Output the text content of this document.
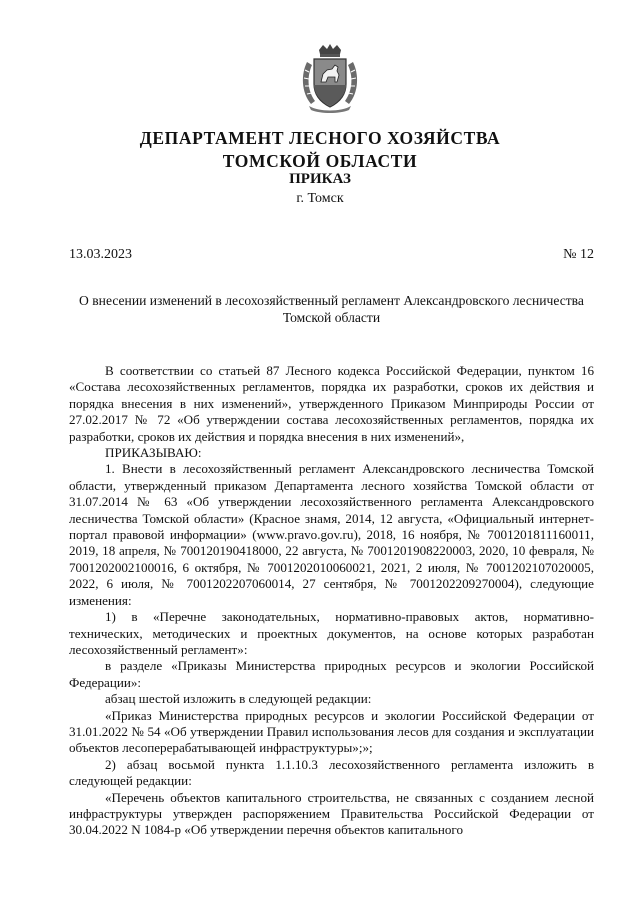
ДЕПАРТАМЕНТ ЛЕСНОГО ХОЗЯЙСТВА
ТОМСКОЙ ОБЛАСТИ
ПРИКАЗ
г. Томск
13.03.2023	№ 12
О внесении изменений в лесохозяйственный регламент Александровского лесничества Томской области

В соответствии со статьей 87 Лесного кодекса Российской Федерации, пунктом 16 «Состава лесохозяйственных регламентов, порядка их разработки, сроков их действия и порядка внесения в них изменений», утвержденного Приказом Минприроды России от 27.02.2017 № 72 «Об утверждении состава лесохозяйственных регламентов, порядка их разработки, сроков их действия и порядка внесения в них изменений»,

ПРИКАЗЫВАЮ:

1. Внести в лесохозяйственный регламент Александровского лесничества Томской области, утвержденный приказом Департамента лесного хозяйства Томской области от 31.07.2014 № 63 «Об утверждении лесохозяйственного регламента Александровского лесничества Томской области» (Красное знамя, 2014, 12 августа, «Официальный интернет-портал правовой информации» (www.pravo.gov.ru), 2018, 16 ноября, № 7001201811160011, 2019, 18 апреля, № 700120190418000, 22 августа, № 7001201908220003, 2020, 10 февраля, № 7001202002100016, 6 октября, № 7001202010060021, 2021, 2 июля, № 7001202107020005, 2022, 6 июля, № 7001202207060014, 27 сентября, № 7001202209270004), следующие изменения:

1) в «Перечне законодательных, нормативно-правовых актов, нормативно-технических, методических и проектных документов, на основе которых разработан лесохозяйственный регламент»:

в разделе «Приказы Министерства природных ресурсов и экологии Российской Федерации»:

абзац шестой изложить в следующей редакции:

«Приказ Министерства природных ресурсов и экологии Российской Федерации от 31.01.2022 № 54 «Об утверждении Правил использования лесов для создания и эксплуатации объектов лесоперерабатывающей инфраструктуры»;»;

2) абзац восьмой пункта 1.1.10.3 лесохозяйственного регламента изложить в следующей редакции:

«Перечень объектов капитального строительства, не связанных с созданием лесной инфраструктуры утвержден распоряжением Правительства Российской Федерации от 30.04.2022 N 1084-р «Об утверждении перечня объектов капитального
